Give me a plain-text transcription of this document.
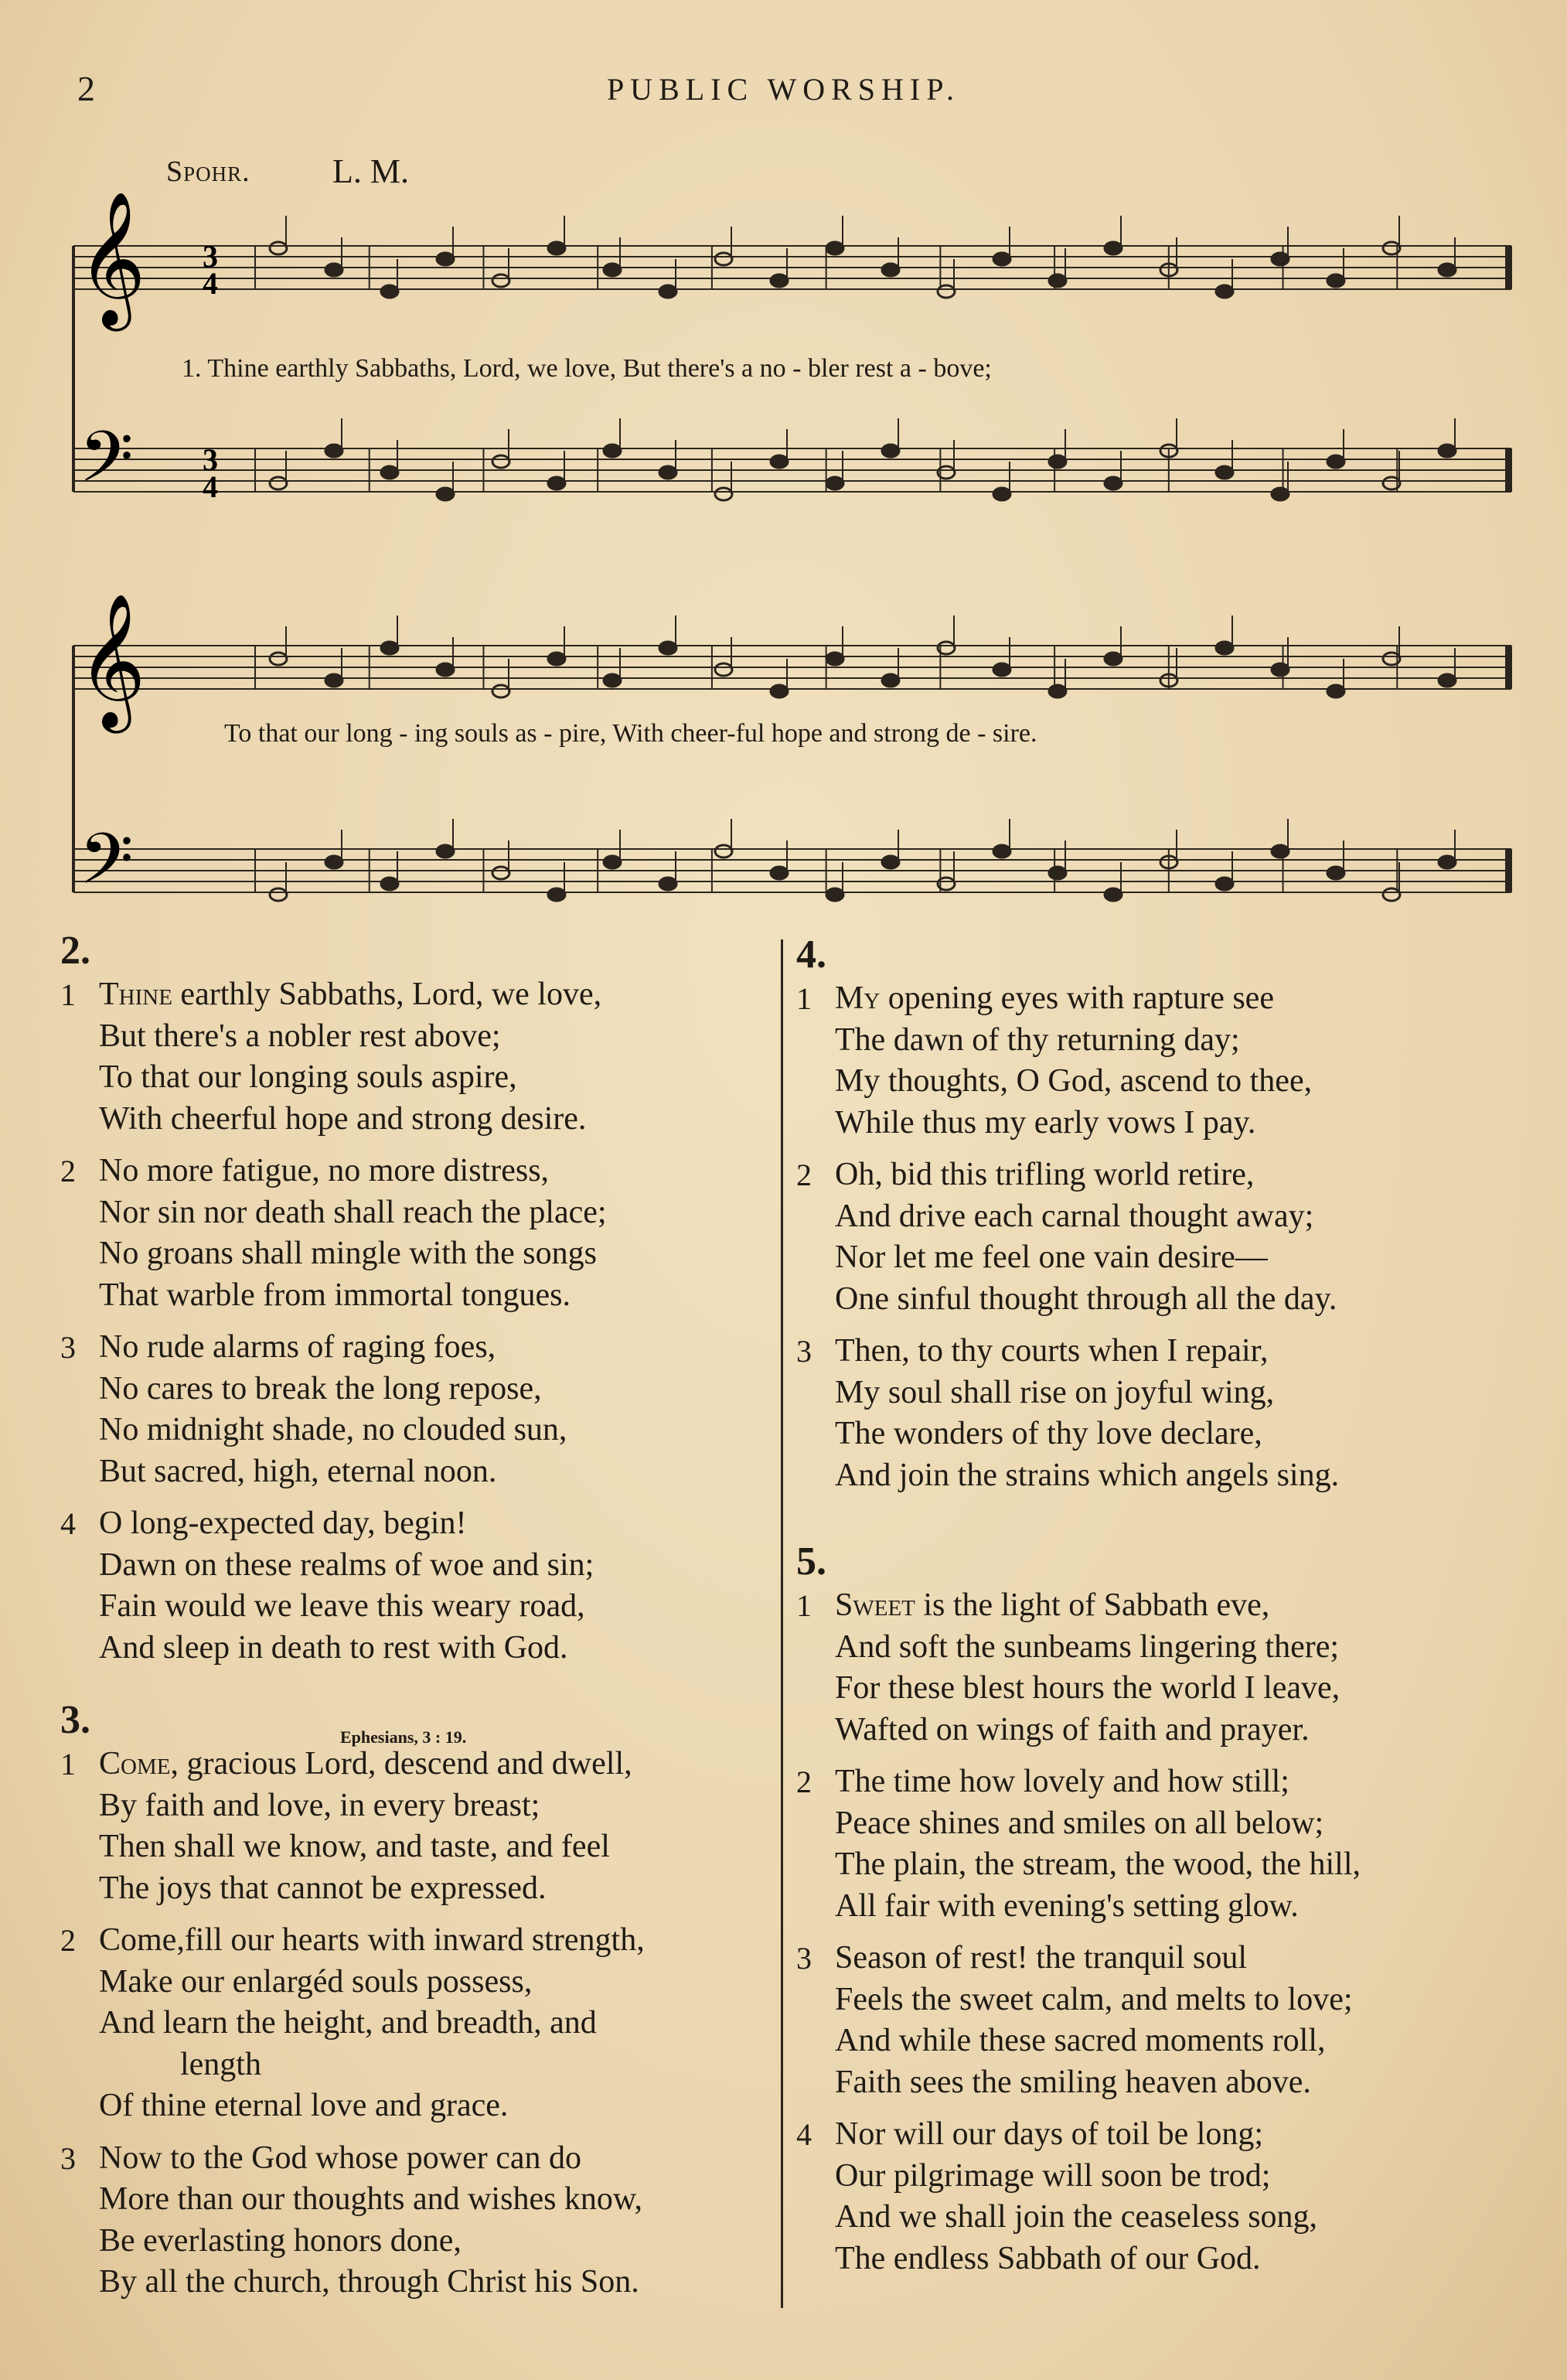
2	PUBLIC WORSHIP.
Spohr. L. M.
𝄞
𝄢
𝄞
𝄢
3
4
3
4
1. Thine earthly Sabbaths, Lord, we love, But there's a no - bler rest a - bove;
To that our long - ing souls as - pire, With cheer-ful hope and strong de - sire.
2.
1 Thine earthly Sabbaths, Lord, we love,
But there's a nobler rest above;
To that our longing souls aspire,
With cheerful hope and strong desire.
2 No more fatigue, no more distress,
Nor sin nor death shall reach the place;
No groans shall mingle with the songs
That warble from immortal tongues.
3 No rude alarms of raging foes,
No cares to break the long repose,
No midnight shade, no clouded sun,
But sacred, high, eternal noon.
4 O long-expected day, begin!
Dawn on these realms of woe and sin;
Fain would we leave this weary road,
And sleep in death to rest with God.
3.	Ephesians, 3 : 19.
1 Come, gracious Lord, descend and dwell,
By faith and love, in every breast;
Then shall we know, and taste, and feel
The joys that cannot be expressed.
2 Come,fill our hearts with inward strength,
Make our enlargéd souls possess,
And learn the height, and breadth, and
length
Of thine eternal love and grace.
3 Now to the God whose power can do
More than our thoughts and wishes know,
Be everlasting honors done,
By all the church, through Christ his Son.
4.
1 My opening eyes with rapture see
The dawn of thy returning day;
My thoughts, O God, ascend to thee,
While thus my early vows I pay.
2 Oh, bid this trifling world retire,
And drive each carnal thought away;
Nor let me feel one vain desire—
One sinful thought through all the day.
3 Then, to thy courts when I repair,
My soul shall rise on joyful wing,
The wonders of thy love declare,
And join the strains which angels sing.
5.
1 Sweet is the light of Sabbath eve,
And soft the sunbeams lingering there;
For these blest hours the world I leave,
Wafted on wings of faith and prayer.
2 The time how lovely and how still;
Peace shines and smiles on all below;
The plain, the stream, the wood, the hill,
All fair with evening's setting glow.
3 Season of rest! the tranquil soul
Feels the sweet calm, and melts to love;
And while these sacred moments roll,
Faith sees the smiling heaven above.
4 Nor will our days of toil be long;
Our pilgrimage will soon be trod;
And we shall join the ceaseless song,
The endless Sabbath of our God.
